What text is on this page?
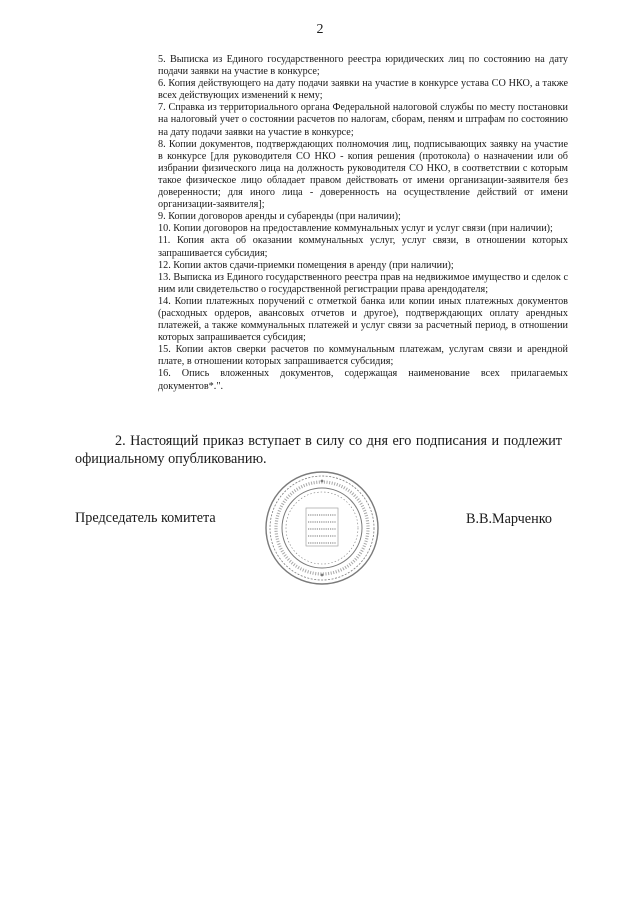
2

5. Выписка из Единого государственного реестра юридических лиц по состоянию на дату подачи заявки на участие в конкурсе;

6. Копия действующего на дату подачи заявки на участие в конкурсе устава СО НКО, а также всех действующих изменений к нему;

7. Справка из территориального органа Федеральной налоговой службы по месту постановки на налоговый учет о состоянии расчетов по налогам, сборам, пеням и штрафам по состоянию на дату подачи заявки на участие в конкурсе;

8. Копии документов, подтверждающих полномочия лиц, подписывающих заявку на участие в конкурсе [для руководителя СО НКО - копия решения (протокола) о назначении или об избрании физического лица на должность руководителя СО НКО, в соответствии с которым такое физическое лицо обладает правом действовать от имени организации-заявителя без доверенности; для иного лица - доверенность на осуществление действий от имени организации-заявителя];

9. Копии договоров аренды и субаренды (при наличии);

10. Копии договоров на предоставление коммунальных услуг и услуг связи (при наличии);

11. Копия акта об оказании коммунальных услуг, услуг связи, в отношении которых запрашивается субсидия;

12. Копии актов сдачи-приемки помещения в аренду (при наличии);

13. Выписка из Единого государственного реестра прав на недвижимое имущество и сделок с ним или свидетельство о государственной регистрации права арендодателя;

14. Копии платежных поручений с отметкой банка или копии иных платежных документов (расходных ордеров, авансовых отчетов и другое), подтверждающих оплату арендных платежей, а также коммунальных платежей и услуг связи за расчетный период, в отношении которых запрашивается субсидия;

15. Копии актов сверки расчетов по коммунальным платежам, услугам связи и арендной плате, в отношении которых запрашивается субсидия;

16. Опись вложенных документов, содержащая наименование всех прилагаемых документов*.".

2. Настоящий приказ вступает в силу со дня его подписания и подлежит официальному опубликованию.

Председатель комитета	В.В.Марченко
